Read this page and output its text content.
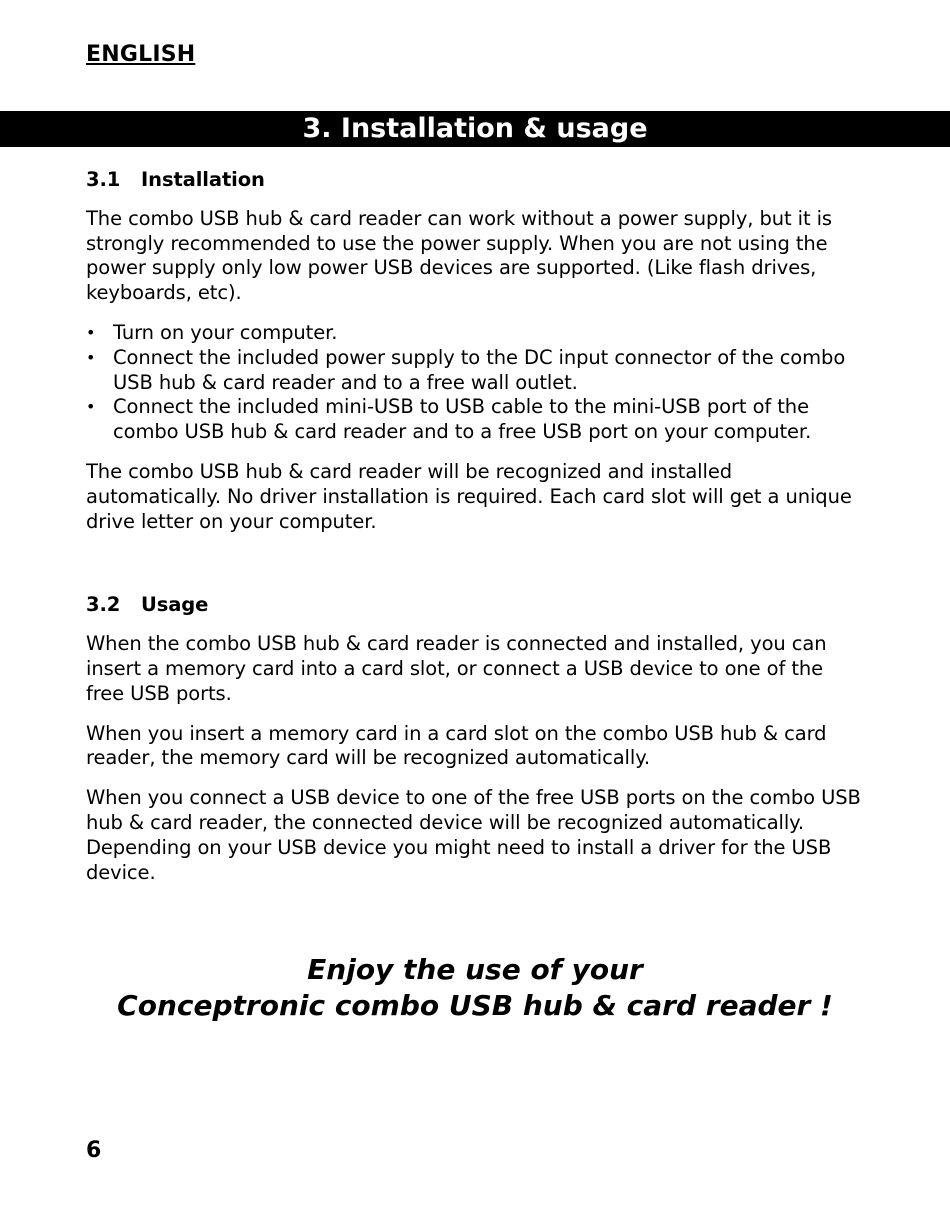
ENGLISH
3. Installation & usage
3.1 Installation

The combo USB hub & card reader can work without a power supply, but it is strongly recommended to use the power supply. When you are not using the power supply only low power USB devices are supported. (Like flash drives, keyboards, etc).

• Turn on your computer.
• Connect the included power supply to the DC input connector of the combo USB hub & card reader and to a free wall outlet.
• Connect the included mini-USB to USB cable to the mini-USB port of the combo USB hub & card reader and to a free USB port on your computer.

The combo USB hub & card reader will be recognized and installed automatically. No driver installation is required. Each card slot will get a unique drive letter on your computer.

3.2 Usage

When the combo USB hub & card reader is connected and installed, you can insert a memory card into a card slot, or connect a USB device to one of the free USB ports.

When you insert a memory card in a card slot on the combo USB hub & card reader, the memory card will be recognized automatically.

When you connect a USB device to one of the free USB ports on the combo USB hub & card reader, the connected device will be recognized automatically. Depending on your USB device you might need to install a driver for the USB device.

Enjoy the use of your
Conceptronic combo USB hub & card reader !
6
